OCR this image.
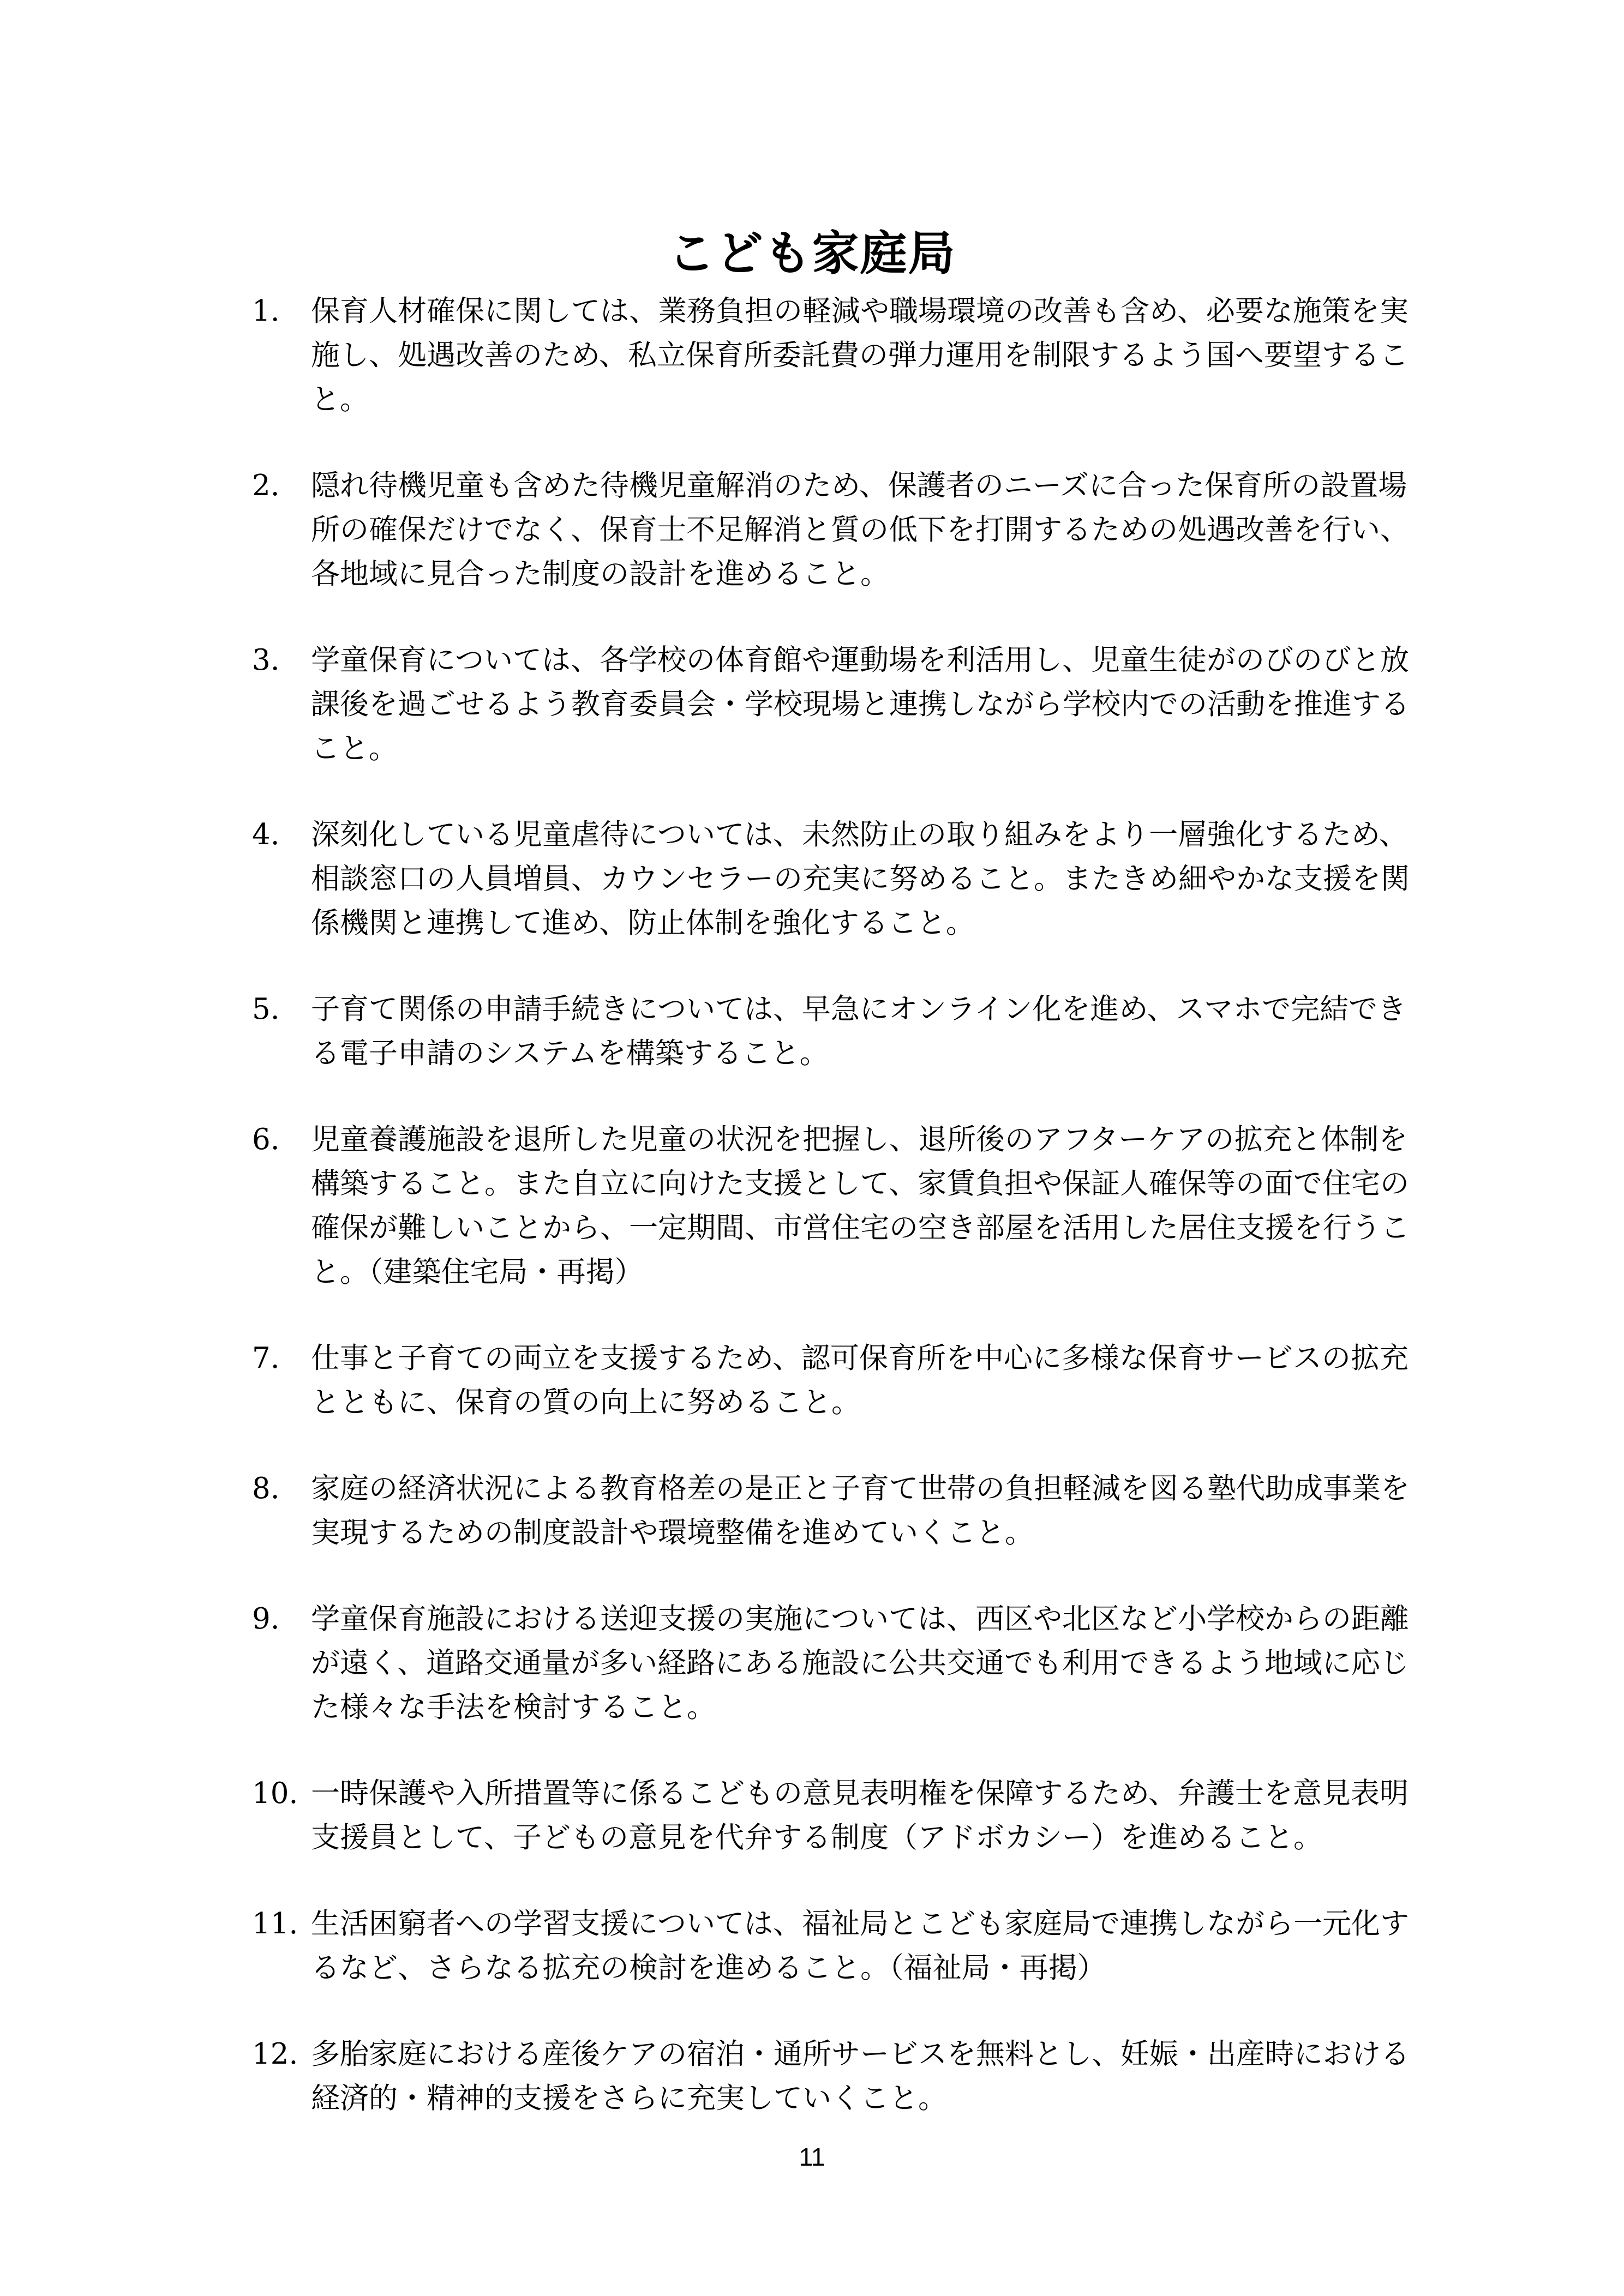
こども家庭局
1.	保育人材確保に関しては、業務負担の軽減や職場環境の改善も含め、必要な施策を実施し、処遇改善のため、私立保育所委託費の弾力運用を制限するよう国へ要望すること。
2.	隠れ待機児童も含めた待機児童解消のため、保護者のニーズに合った保育所の設置場所の確保だけでなく、保育士不足解消と質の低下を打開するための処遇改善を行い、各地域に見合った制度の設計を進めること。
3.	学童保育については、各学校の体育館や運動場を利活用し、児童生徒がのびのびと放課後を過ごせるよう教育委員会・学校現場と連携しながら学校内での活動を推進すること。
4.	深刻化している児童虐待については、未然防止の取り組みをより一層強化するため、相談窓口の人員増員、カウンセラーの充実に努めること。またきめ細やかな支援を関係機関と連携して進め、防止体制を強化すること。
5.	子育て関係の申請手続きについては、早急にオンライン化を進め、スマホで完結できる電子申請のシステムを構築すること。
6.	児童養護施設を退所した児童の状況を把握し、退所後のアフターケアの拡充と体制を構築すること。また自立に向けた支援として、家賃負担や保証人確保等の面で住宅の確保が難しいことから、一定期間、市営住宅の空き部屋を活用した居住支援を行うこと。（建築住宅局・再掲）
7.	仕事と子育ての両立を支援するため、認可保育所を中心に多様な保育サービスの拡充とともに、保育の質の向上に努めること。
8.	家庭の経済状況による教育格差の是正と子育て世帯の負担軽減を図る塾代助成事業を実現するための制度設計や環境整備を進めていくこと。
9.	学童保育施設における送迎支援の実施については、西区や北区など小学校からの距離が遠く、道路交通量が多い経路にある施設に公共交通でも利用できるよう地域に応じた様々な手法を検討すること。
10. 一時保護や入所措置等に係るこどもの意見表明権を保障するため、弁護士を意見表明支援員として、子どもの意見を代弁する制度（アドボカシー）を進めること。
11. 生活困窮者への学習支援については、福祉局とこども家庭局で連携しながら一元化するなど、さらなる拡充の検討を進めること。（福祉局・再掲）
12. 多胎家庭における産後ケアの宿泊・通所サービスを無料とし、妊娠・出産時における経済的・精神的支援をさらに充実していくこと。
11
